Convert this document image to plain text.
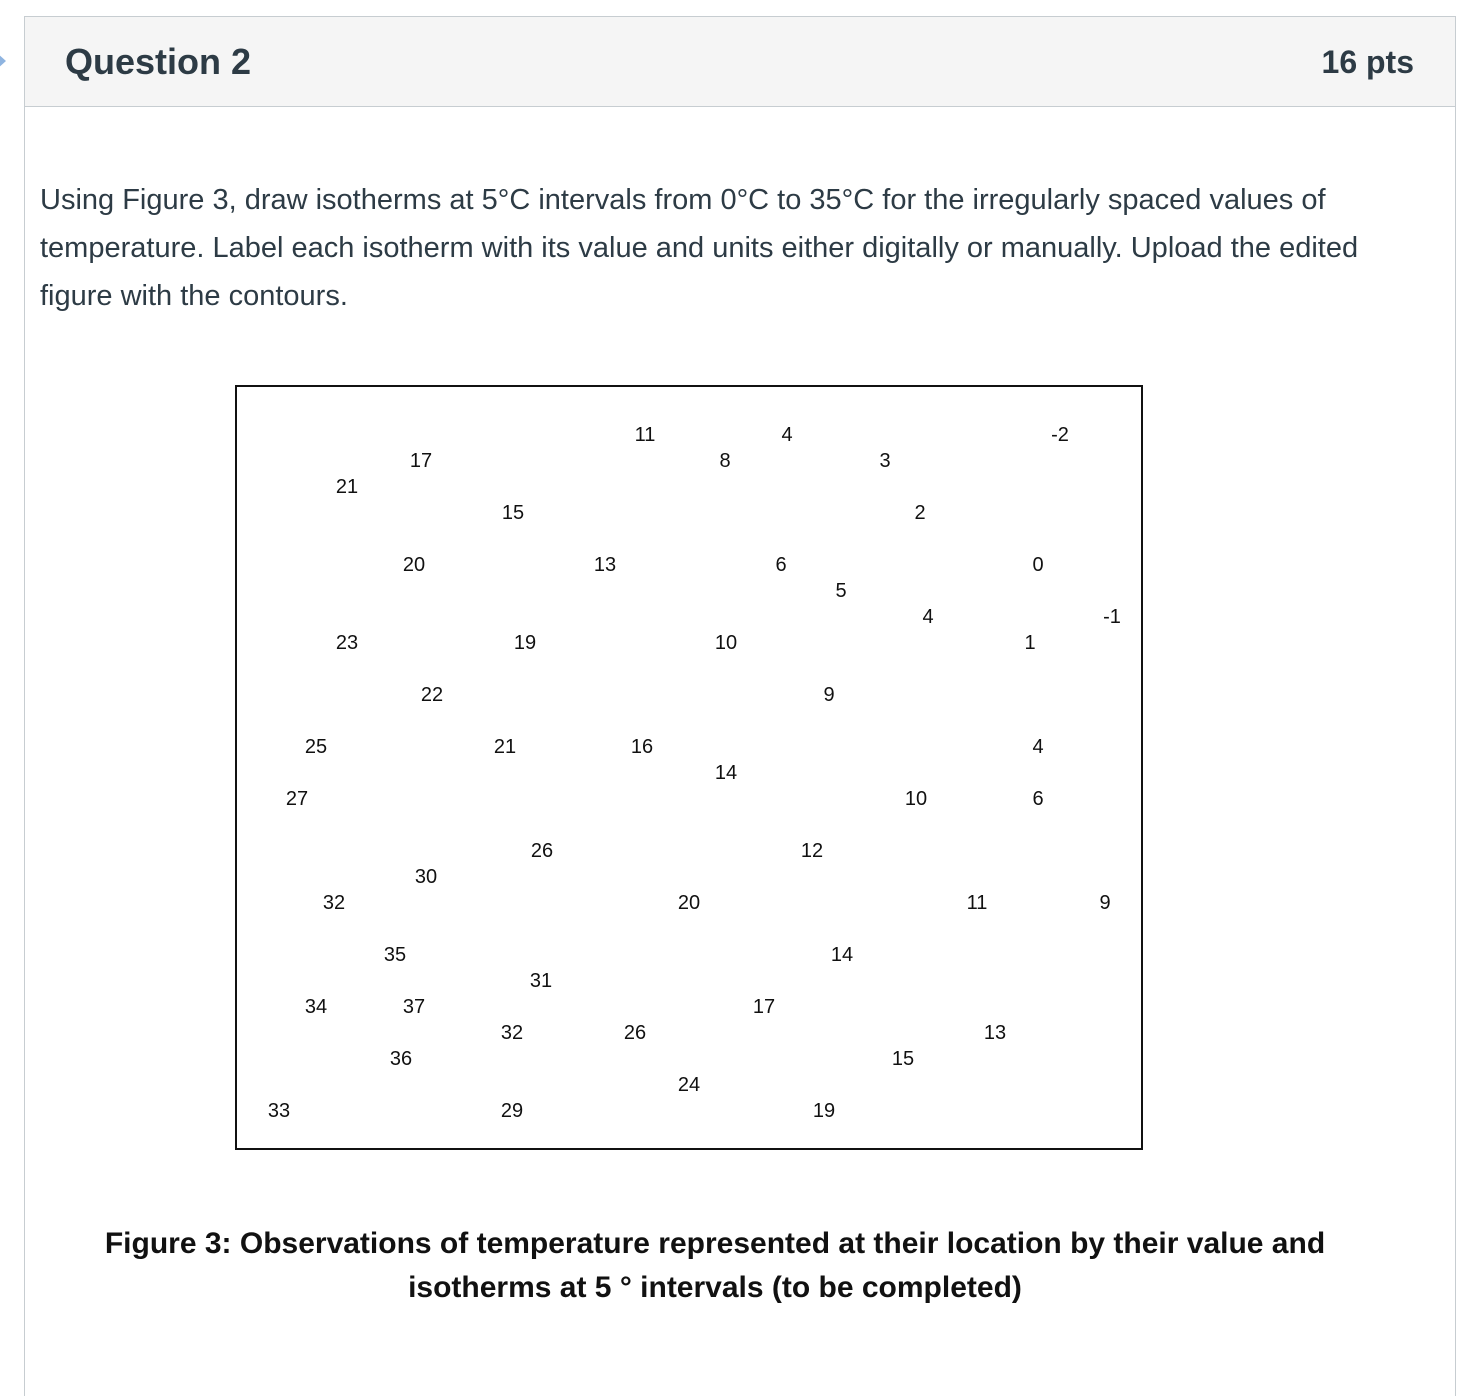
Question 2	16 pts
Using Figure 3, draw isotherms at 5°C intervals from 0°C to 35°C for the irregularly spaced values of temperature. Label each isotherm with its value and units either digitally or manually. Upload the edited figure with the contours.
21
17
11
8
4
3
-2
15	2
20	13	6	0
5
4	-1
23	19	10	1
22	9
25	21	16
14
4
27	10	6
26	12
30
32	20	11	9
35	14
31
34	37	17
32	26	13
36	15
24
33	29	19
Figure 3: Observations of temperature represented at their location by their value and
isotherms at 5 ° intervals (to be completed)
